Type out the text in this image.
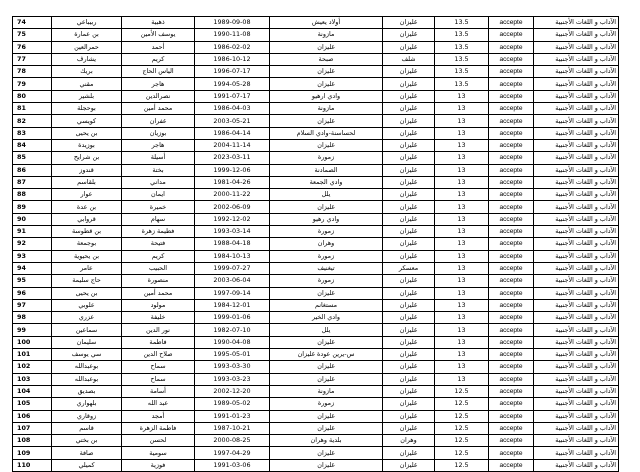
74	ربيباعي	ذهبية	1989-09-08	أولاد يعيش	غليزان	13.5	accepte	الآداب و اللغات الأجنبية
75	بن عمارة	يوسف الأمين	1990-11-08	مازونة	غليزان	13.5	accepte	الآداب و اللغات الأجنبية
76	حمرالعين	أحمد	1986-02-02	غليزان	غليزان	13.5	accepte	الآداب و اللغات الأجنبية
77	يشارف	كريم	1986-10-12	صبحة	شلف	13.5	accepte	الآداب و اللغات الأجنبية
78	بريك	الياس الحاج	1996-07-17	غليزان	غليزان	13.5	accepte	الآداب و اللغات الأجنبية
79	مقني	هاجر	1994-05-28	غليزان	غليزان	13.5	accepte	الآداب و اللغات الأجنبية
80	بلشير	نصرالدين	1991-07-17	وادي ارهيو	غليزان	13	accepte	الآداب و اللغات الأجنبية
81	بوحجلة	محمد أمين	1986-04-03	مازونة	غليزان	13	accepte	الآداب و اللغات الأجنبية
82	كويسي	غفران	2003-05-21	غليزان	غليزان	13	accepte	الآداب و اللغات الأجنبية
83	بن يحيى	بوزيان	1986-04-14	لحساسنة-وادي السلام	غليزان	13	accepte	الآداب و اللغات الأجنبية
84	بوزيدة	هاجر	2004-11-14	غليزان	غليزان	13	accepte	الآداب و اللغات الأجنبية
85	بن شرايح	أسيلة	2023-03-11	زمورة	غليزان	13	accepte	الآداب و اللغات الأجنبية
86	قندوز	بختة	1999-12-06	الصمادنة	غليزان	13	accepte	الآداب و اللغات الأجنبية
87	بلقاسم	مداني	1981-04-26	وادي الجمعة	غليزان	13	accepte	الآداب و اللغات الأجنبية
88	عوار	ايمان	2000-11-22	يلل	غليزان	13	accepte	الآداب و اللغات الأجنبية
89	بن عدة	خميرة	2002-06-09	غليزان	غليزان	13	accepte	الآداب و اللغات الأجنبية
90	قروابي	سهام	1992-12-02	وادي رهيو	غليزان	13	accepte	الآداب و اللغات الأجنبية
91	بن قطوسة	فطيمة زهرة	1993-03-14	زمورة	غليزان	13	accepte	الآداب و اللغات الأجنبية
92	بوجمعة	فتيحة	1988-04-18	وهران	غليزان	13	accepte	الآداب و اللغات الأجنبية
93	بن يحيوية	كريم	1984-10-13	زمورة	غليزان	13	accepte	الآداب و اللغات الأجنبية
94	عامر	الحبيب	1999-07-27	تيغنيف	معسكر	13	accepte	الآداب و اللغات الأجنبية
95	حاج سليمة	منصورة	2003-06-04	زمورة	غليزان	13	accepte	الآداب و اللغات الأجنبية
96	بن يحيى	محمد أمين	1997-09-14	غليزان	غليزان	13	accepte	الآداب و اللغات الأجنبية
97	علوبي	مولود	1984-12-01	مستغانم	غليزان	13	accepte	الآداب و اللغات الأجنبية
98	عزري	خليفة	1999-01-06	وادي الخير	غليزان	13	accepte	الآداب و اللغات الأجنبية
99	سماعين	نور الدين	1982-07-10	يلل	غليزان	13	accepte	الآداب و اللغات الأجنبية
100	سليمان	فاطمة	1990-04-08	غليزان	غليزان	13	accepte	الآداب و اللغات الأجنبية
101	سي يوسف	صلاح الدين	1995-05-01	س-يرين عودة غليزان	غليزان	13	accepte	الآداب و اللغات الأجنبية
102	بوعبدالله	سماح	1993-03-30	غليزان	غليزان	13	accepte	الآداب و اللغات الأجنبية
103	بوعبدالله	سماح	1993-03-23	غليزان	غليزان	13	accepte	الآداب و اللغات الأجنبية
104	بصديق	أسامة	2002-12-20	مازونة	غليزان	12.5	accepte	الآداب و اللغات الأجنبية
105	بلهواري	عبد الله	1989-05-02	زمورة	غليزان	12.5	accepte	الآداب و اللغات الأجنبية
106	زوقاري	أمجد	1991-01-23	غليزان	غليزان	12.5	accepte	الآداب و اللغات الأجنبية
107	قاسم	فاطمة الزهرة	1987-10-21	غليزان	غليزان	12.5	accepte	الآداب و اللغات الأجنبية
108	بن بختي	لحسن	2000-08-25	بلدية وهران	وهران	12.5	accepte	الآداب و اللغات الأجنبية
109	صافة	سومية	1997-04-29	غليزان	غليزان	12.5	accepte	الآداب و اللغات الأجنبية
110	كميلي	فوزية	1991-03-06	غليزان	غليزان	12.5	accepte	الآداب و اللغات الأجنبية
